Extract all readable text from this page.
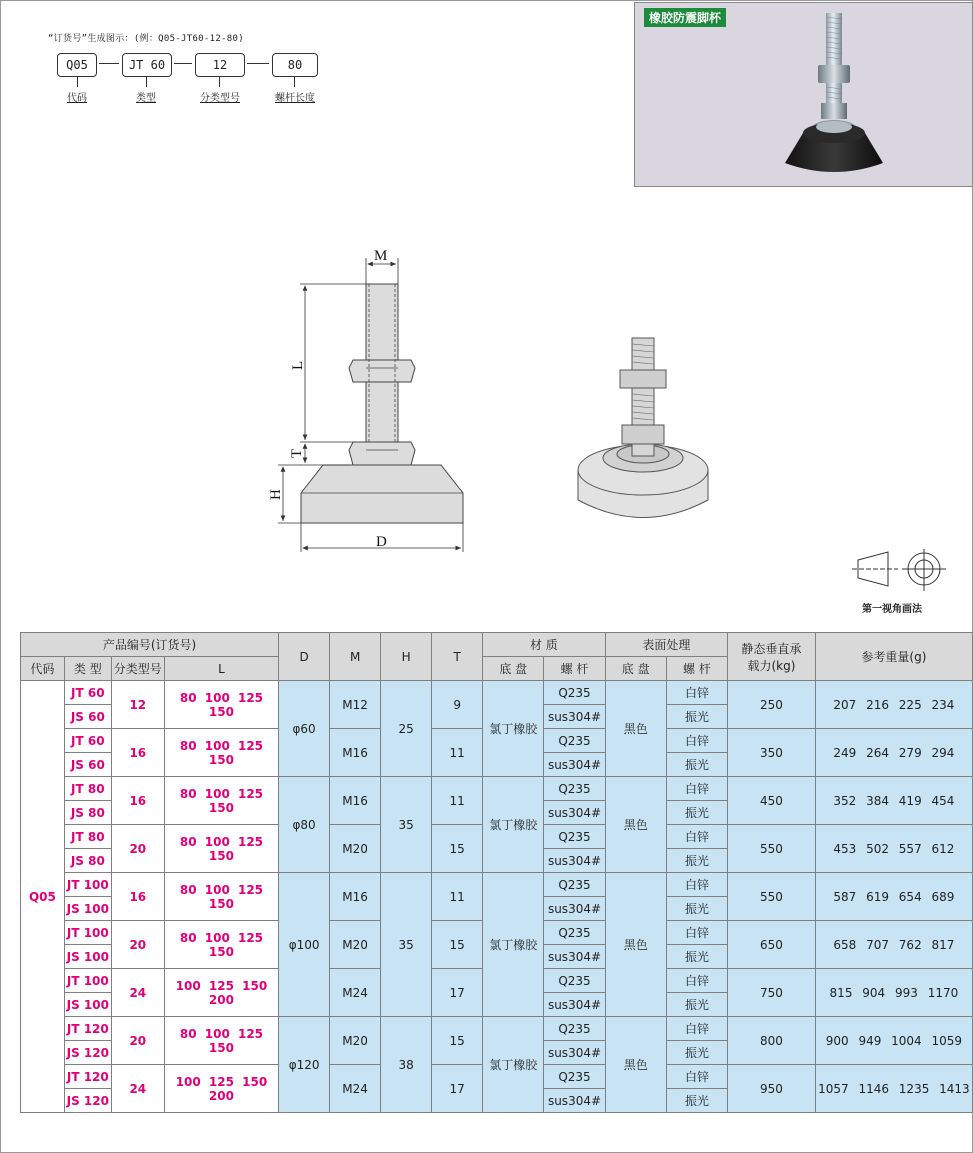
“订货号”生成图示：(例：Q05-JT60-12-80)
Q05	JT 60	12	80
代码	类型	分类型号	螺杆长度
橡胶防震脚杯
M
L
T
H
D
第一视角画法
产品编号(订货号)				D	M	H	T	材 质		表面处理		静态垂直承载力(kg)	参考重量(g)
代码	类 型	分类型号	L					底 盘	螺 杆	底 盘	螺 杆		
Q05	JT 60	12	80 100 125 150	φ60	M12	25	9	氯丁橡胶	Q235	黑色	白锌	250	207 216 225 234
	JS 60								sus304#		振光		
	JT 60	16	80 100 125 150		M16		11		Q235		白锌	350	249 264 279 294
	JS 60								sus304#		振光		
	JT 80	16	80 100 125 150	φ80	M16	35	11	氯丁橡胶	Q235	黑色	白锌	450	352 384 419 454
	JS 80								sus304#		振光		
	JT 80	20	80 100 125 150		M20		15		Q235		白锌	550	453 502 557 612
	JS 80								sus304#		振光		
	JT 100	16	80 100 125 150	φ100	M16	35	11	氯丁橡胶	Q235	黑色	白锌	550	587 619 654 689
	JS 100								sus304#		振光		
	JT 100	20	80 100 125 150		M20		15		Q235		白锌	650	658 707 762 817
	JS 100								sus304#		振光		
	JT 100	24	100 125 150 200		M24		17		Q235		白锌	750	815 904 993 1170
	JS 100								sus304#		振光		
	JT 120	20	80 100 125 150	φ120	M20	38	15	氯丁橡胶	Q235	黑色	白锌	800	900 949 1004 1059
	JS 120								sus304#		振光		
	JT 120	24	100 125 150 200		M24		17		Q235		白锌	950	1057 1146 1235 1413
	JS 120								sus304#		振光		
